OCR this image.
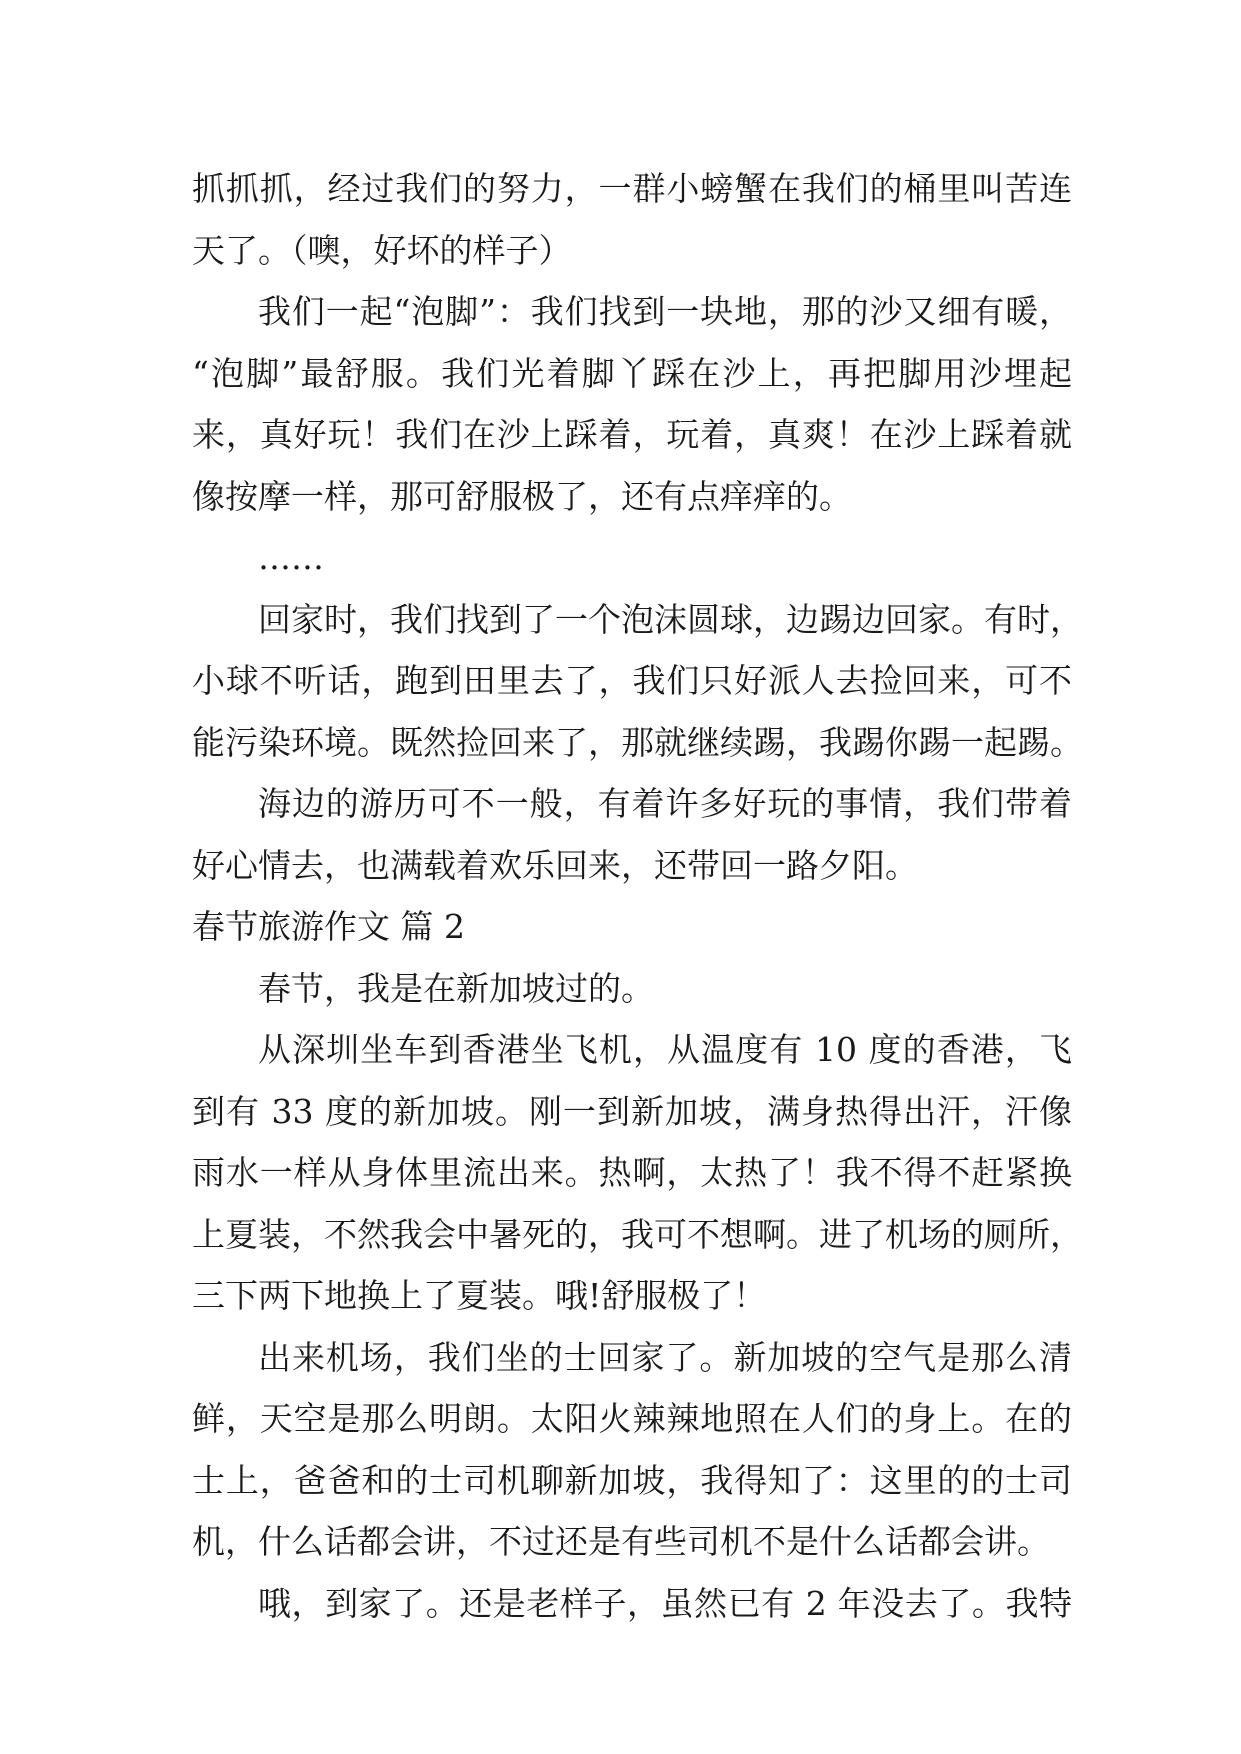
抓抓抓，经过我们的努力，一群小螃蟹在我们的桶里叫苦连
天了。（噢，好坏的样子）
我们一起“泡脚”：我们找到一块地，那的沙又细有暖，
“泡脚”最舒服。我们光着脚丫踩在沙上，再把脚用沙埋起
来，真好玩！我们在沙上踩着，玩着，真爽！在沙上踩着就
像按摩一样，那可舒服极了，还有点痒痒的。
……
回家时，我们找到了一个泡沫圆球，边踢边回家。有时，
小球不听话，跑到田里去了，我们只好派人去捡回来，可不
能污染环境。既然捡回来了，那就继续踢，我踢你踢一起踢。
海边的游历可不一般，有着许多好玩的事情，我们带着
好心情去，也满载着欢乐回来，还带回一路夕阳。
春节旅游作文 篇 2
春节，我是在新加坡过的。
从深圳坐车到香港坐飞机，从温度有 10 度的香港，飞
到有 33 度的新加坡。刚一到新加坡，满身热得出汗，汗像
雨水一样从身体里流出来。热啊，太热了！我不得不赶紧换
上夏装，不然我会中暑死的，我可不想啊。进了机场的厕所，
三下两下地换上了夏装。哦!舒服极了！
出来机场，我们坐的士回家了。新加坡的空气是那么清
鲜，天空是那么明朗。太阳火辣辣地照在人们的身上。在的
士上，爸爸和的士司机聊新加坡，我得知了：这里的的士司
机，什么话都会讲，不过还是有些司机不是什么话都会讲。
哦，到家了。还是老样子，虽然已有 2 年没去了。我特
